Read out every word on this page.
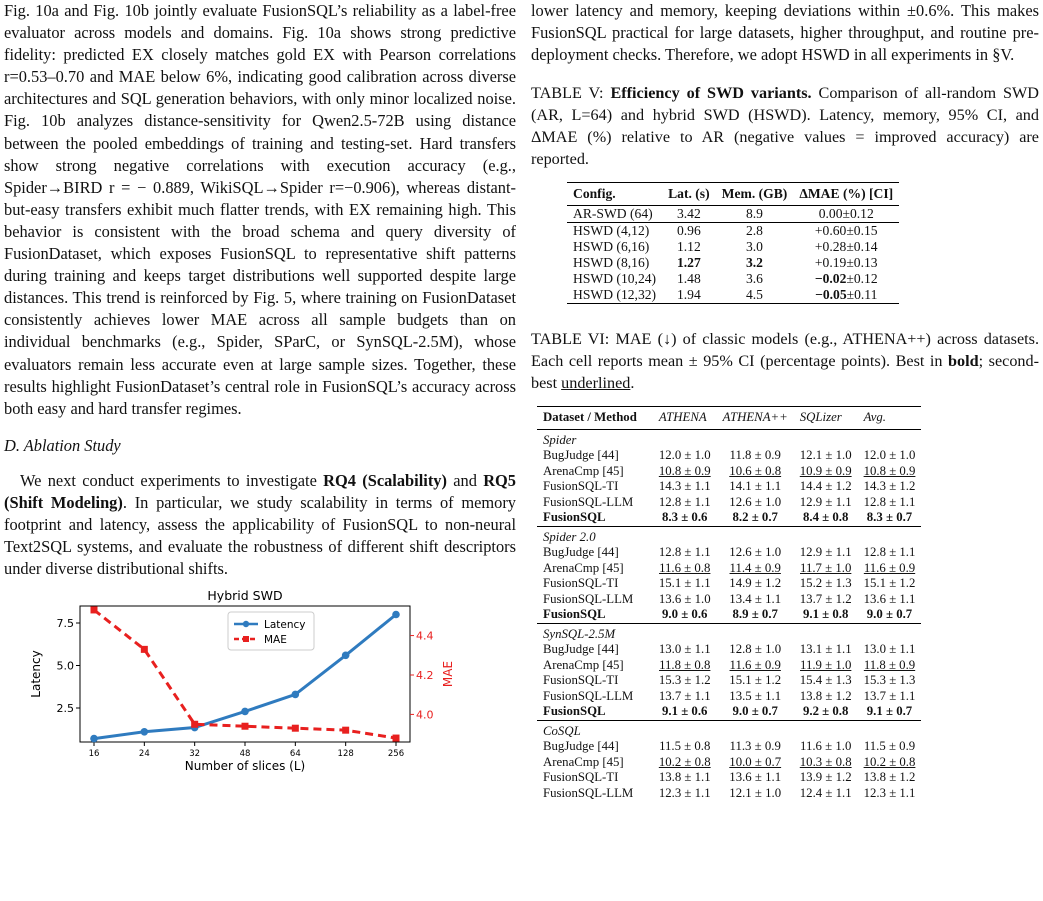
Fig. 10a and Fig. 10b jointly evaluate FusionSQL’s reliability as a label-free evaluator across models and domains. Fig. 10a shows strong predictive fidelity: predicted EX closely matches gold EX with Pearson correlations r=0.53–0.70 and MAE below 6%, indicating good calibration across diverse architectures and SQL generation behaviors, with only minor localized noise. Fig. 10b analyzes distance-sensitivity for Qwen2.5-72B using distance between the pooled embeddings of training and testing-set. Hard transfers show strong negative correlations with execution accuracy (e.g., Spider→BIRD r = − 0.889, WikiSQL→Spider r=−0.906), whereas distant-but-easy transfers exhibit much flatter trends, with EX remaining high. This behavior is consistent with the broad schema and query diversity of FusionDataset, which exposes FusionSQL to representative shift patterns during training and keeps target distributions well supported despite large distances. This trend is reinforced by Fig. 5, where training on FusionDataset consistently achieves lower MAE across all sample budgets than on individual benchmarks (e.g., Spider, SParC, or SynSQL-2.5M), whose evaluators remain less accurate even at large sample sizes. Together, these results highlight FusionDataset’s central role in FusionSQL’s accuracy across both easy and hard transfer regimes.

D. Ablation Study

We next conduct experiments to investigate RQ4 (Scalability) and RQ5 (Shift Modeling). In particular, we study scalability in terms of memory footprint and latency, assess the applicability of FusionSQL to non-neural Text2SQL systems, and evaluate the robustness of different shift descriptors under diverse distributional shifts.

Hybrid SWD
16	24	32	48	64	128	256
Number of slices (L)
2.5
5.0
7.5
Latency
4.0
4.2
4.4
MAE
Latency
MAE

lower latency and memory, keeping deviations within ±0.6%. This makes FusionSQL practical for large datasets, higher throughput, and routine pre-deployment checks. Therefore, we adopt HSWD in all experiments in §V.

TABLE V: Efficiency of SWD variants. Comparison of all-random SWD (AR, L=64) and hybrid SWD (HSWD). Latency, memory, 95% CI, and ΔMAE (%) relative to AR (negative values = improved accuracy) are reported.

Config.	Lat. (s)	Mem. (GB)	ΔMAE (%) [CI]
AR-SWD (64)	3.42	8.9	0.00±0.12
HSWD (4,12)	0.96	2.8	+0.60±0.15
HSWD (6,16)	1.12	3.0	+0.28±0.14
HSWD (8,16)	1.27	3.2	+0.19±0.13
HSWD (10,24)	1.48	3.6	−0.02±0.12
HSWD (12,32)	1.94	4.5	−0.05±0.11

TABLE VI: MAE (↓) of classic models (e.g., ATHENA++) across datasets. Each cell reports mean ± 95% CI (percentage points). Best in bold; second-best underlined.

Dataset / Method	ATHENA	ATHENA++	SQLizer	Avg.
Spider				
BugJudge [44]	12.0 ± 1.0	11.8 ± 0.9	12.1 ± 1.0	12.0 ± 1.0
ArenaCmp [45]	10.8 ± 0.9	10.6 ± 0.8	10.9 ± 0.9	10.8 ± 0.9
FusionSQL-TI	14.3 ± 1.1	14.1 ± 1.1	14.4 ± 1.2	14.3 ± 1.2
FusionSQL-LLM	12.8 ± 1.1	12.6 ± 1.0	12.9 ± 1.1	12.8 ± 1.1
FusionSQL	8.3 ± 0.6	8.2 ± 0.7	8.4 ± 0.8	8.3 ± 0.7
Spider 2.0				
BugJudge [44]	12.8 ± 1.1	12.6 ± 1.0	12.9 ± 1.1	12.8 ± 1.1
ArenaCmp [45]	11.6 ± 0.8	11.4 ± 0.9	11.7 ± 1.0	11.6 ± 0.9
FusionSQL-TI	15.1 ± 1.1	14.9 ± 1.2	15.2 ± 1.3	15.1 ± 1.2
FusionSQL-LLM	13.6 ± 1.0	13.4 ± 1.1	13.7 ± 1.2	13.6 ± 1.1
FusionSQL	9.0 ± 0.6	8.9 ± 0.7	9.1 ± 0.8	9.0 ± 0.7
SynSQL-2.5M				
BugJudge [44]	13.0 ± 1.1	12.8 ± 1.0	13.1 ± 1.1	13.0 ± 1.1
ArenaCmp [45]	11.8 ± 0.8	11.6 ± 0.9	11.9 ± 1.0	11.8 ± 0.9
FusionSQL-TI	15.3 ± 1.2	15.1 ± 1.2	15.4 ± 1.3	15.3 ± 1.3
FusionSQL-LLM	13.7 ± 1.1	13.5 ± 1.1	13.8 ± 1.2	13.7 ± 1.1
FusionSQL	9.1 ± 0.6	9.0 ± 0.7	9.2 ± 0.8	9.1 ± 0.7
CoSQL				
BugJudge [44]	11.5 ± 0.8	11.3 ± 0.9	11.6 ± 1.0	11.5 ± 0.9
ArenaCmp [45]	10.2 ± 0.8	10.0 ± 0.7	10.3 ± 0.8	10.2 ± 0.8
FusionSQL-TI	13.8 ± 1.1	13.6 ± 1.1	13.9 ± 1.2	13.8 ± 1.2
FusionSQL-LLM	12.3 ± 1.1	12.1 ± 1.0	12.4 ± 1.1	12.3 ± 1.1
